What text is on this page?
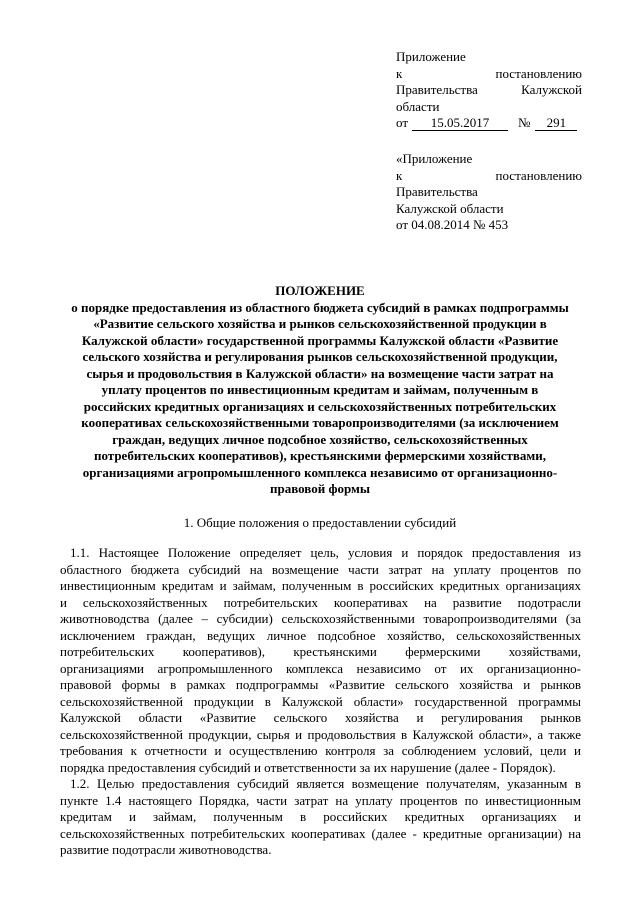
Приложение
к	постановлению
Правительства	Калужской
области
от	15.05.2017	№	291
«Приложение
к	постановлению
Правительства
Калужской области
от 04.08.2014 № 453
ПОЛОЖЕНИЕ
о порядке предоставления из областного бюджета субсидий в рамках подпрограммы
«Развитие сельского хозяйства и рынков сельскохозяйственной продукции в
Калужской области» государственной программы Калужской области «Развитие
сельского хозяйства и регулирования рынков сельскохозяйственной продукции,
сырья и продовольствия в Калужской области» на возмещение части затрат на
уплату процентов по инвестиционным кредитам и займам, полученным в
российских кредитных организациях и сельскохозяйственных потребительских
кооперативах сельскохозяйственными товаропроизводителями (за исключением
граждан, ведущих личное подсобное хозяйство, сельскохозяйственных
потребительских кооперативов), крестьянскими фермерскими хозяйствами,
организациями агропромышленного комплекса независимо от организационно-
правовой формы
1. Общие положения о предоставлении субсидий
1.1. Настоящее Положение определяет цель, условия и порядок предоставления из
областного бюджета субсидий на возмещение части затрат на уплату процентов по
инвестиционным кредитам и займам, полученным в российских кредитных организациях
и сельскохозяйственных потребительских кооперативах на развитие подотрасли
животноводства (далее – субсидии) сельскохозяйственными товаропроизводителями (за
исключением граждан, ведущих личное подсобное хозяйство, сельскохозяйственных
потребительских кооперативов), крестьянскими фермерскими хозяйствами,
организациями агропромышленного комплекса независимо от их организационно-
правовой формы в рамках подпрограммы «Развитие сельского хозяйства и рынков
сельскохозяйственной продукции в Калужской области» государственной программы
Калужской области «Развитие сельского хозяйства и регулирования рынков
сельскохозяйственной продукции, сырья и продовольствия в Калужской области», а также
требования к отчетности и осуществлению контроля за соблюдением условий, цели и
порядка предоставления субсидий и ответственности за их нарушение (далее - Порядок).
1.2. Целью предоставления субсидий является возмещение получателям, указанным в
пункте 1.4 настоящего Порядка, части затрат на уплату процентов по инвестиционным
кредитам и займам, полученным в российских кредитных организациях и
сельскохозяйственных потребительских кооперативах (далее - кредитные организации) на
развитие подотрасли животноводства.
